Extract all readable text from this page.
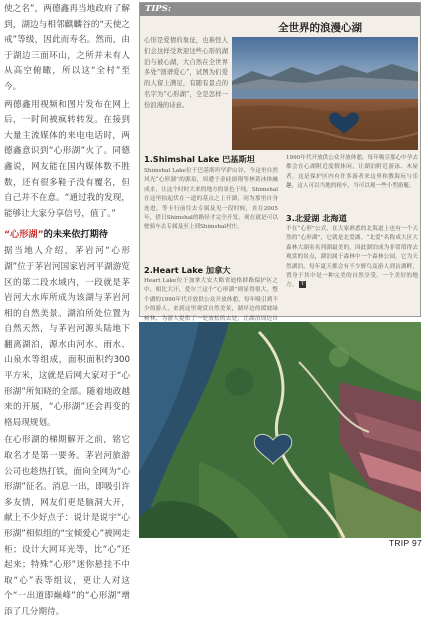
使之名”，两德鑫再当地政府了解到，湖边与相邻麒麟谷的“天使之戒”等级，因此而寿名。然而，由于湖边三面环山，之所并未有人从高空俯瞰，所以这“全村”至今。

两德鑫用视频和图片发布在网上后，一时间被疯转转发。在接到大量主流媒体的来电电话时，两德鑫意识到“心形湖”火了。同德鑫说，网友能在国内媒体数不胜数，还有很多鞋子没有覆名，但自己并不在意。“通过我的发现，能够让大家分享信号，值了。”

“心形湖”的未来依打期待

据当地人介绍，茅岩河“心形湖”位于茅岩河国家岩河平湖游览区的第二段水域内，一段就是茅岩河大水库所成为该湖与茅岩河相的自然美景。湖泊所处位置为自然天然，与茅岩河源头陆地下翻离湖泊，源水由河水、雨水、山泉水等组成，面积面积约300平方米，这就是后网大家对于“心形湖”所知晓的全部。随着地政越来的开展，“心形湖”还会再变的格局现规划。

在心形湖的梯期解开之前，铭它取名才是第一要务。茅岩河旅游公司也趁热打铁，面向全网为“心形湖”征名。消息一出，即吸引许多友情，网友们更是脑洞大开，献上不少好点子：说计是说宇“心形湖”相似组的“宝倾爱心”被网走柜；设计大网耳光等，比“心”还起来；特殊“心形”迷你悬挂不中取“心”表等组议，更让人对这个“一出道即巅峰”的“心形湖”增添了几分期待。

TIPS:
全世界的浪漫心湖
心形是爱情的象征，也难怪人们会这样受欢迎这些心形的湖泊与被心湖，大自然在全世界多处“馈谱爱心”，试图为们爱的人留上满足，有随有景点的名字为“心形湖”，全是怎样一份浪漫的诗意。
1.Shimshal Lake 巴基斯坦
Shimshal Lake位于巴基斯坦罕萨山谷，今这里自然风光“心形湖”的源泉，周遭于金硅窗翔等林黄冰体融成水，让这个时时大来的地方的景色于纯。Shimshal在这里拍起伏在一道的基点之上开湖，同为那里自身连进，等卡行前往去专属及见一段时候，直在2005年，借日Shimshal的路径才完全开发，现在就是可以驶骑车去专属及至上到Shimshal村庄。
2.Heart Lake 加拿大
Heart Lake位于加拿大安大略省迪格群路保护区之中，相比大汗，爱尔兰这个“心形湖”则显得很大，整个湖的1990年代开放供公众开放休憩，每年吸引到不少的游人，来到这里观赏自然美景，湖岸边的缓坡绿树林，为游人提供了一处放松的去处，让湖泊周边自
1990年代开放供公众开放休憩，每年吸引那心中孕去都会在心湖附近度假体闲，让湖泊附近游泳、木屋者，这是保护区内有许多游者来这里和教海玩与乐趣，这人可以当地的租车，当可以观一些小型游艇。
3.北爱湖 北海道
不在“心形”公式，在大家熟悉的北海道上也有一个天然的“心形湖”，它就是北爱湖。“北爱”名称成大区大森林大湖名名列湖最美的，因此湖泊成为非常值得去观赏的景点，湖泊属于森林中一个森林公园，它为天然湖泊，每年夏天都会有不少野鸟及游人到访湖畔，置身于其中是一种完美的自然享受，一个美好的地方。 T
TRIP 97
